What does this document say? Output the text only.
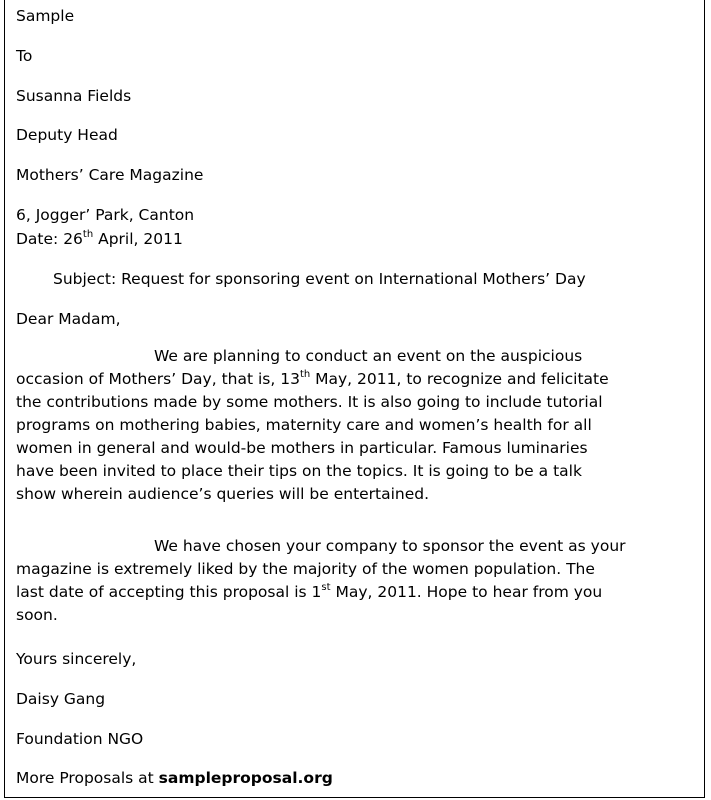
Sample
To
Susanna Fields
Deputy Head
Mothers’ Care Magazine
6, Jogger’ Park, Canton
Date: 26th April, 2011
Subject: Request for sponsoring event on International Mothers’ Day
Dear Madam,
We are planning to conduct an event on the auspicious
occasion of Mothers’ Day, that is, 13th May, 2011, to recognize and felicitate
the contributions made by some mothers. It is also going to include tutorial
programs on mothering babies, maternity care and women’s health for all
women in general and would-be mothers in particular. Famous luminaries
have been invited to place their tips on the topics. It is going to be a talk
show wherein audience’s queries will be entertained.
We have chosen your company to sponsor the event as your
magazine is extremely liked by the majority of the women population. The
last date of accepting this proposal is 1st May, 2011. Hope to hear from you
soon.
Yours sincerely,
Daisy Gang
Foundation NGO
More Proposals at sampleproposal.org
